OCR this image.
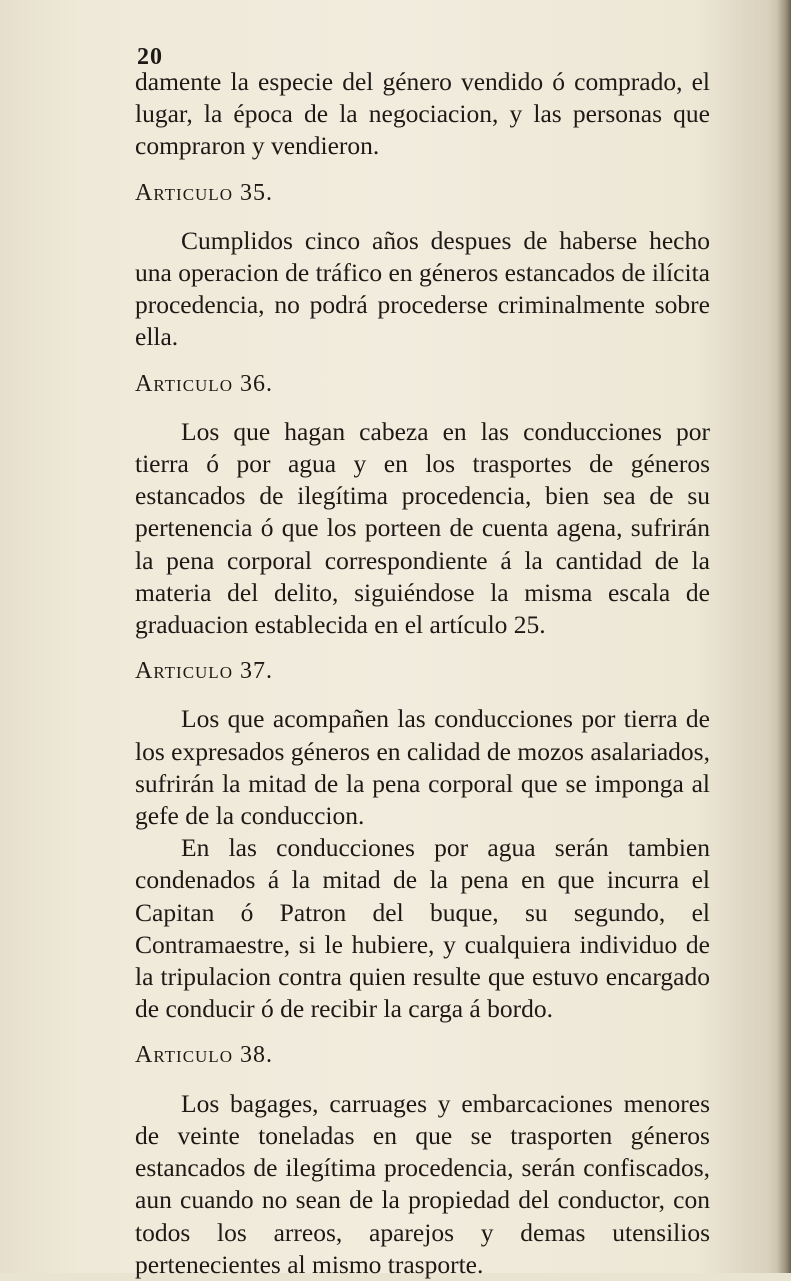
20

damente la especie del género vendido ó comprado, el lugar, la época de la negociacion, y las personas que compraron y vendieron.

Articulo 35.

Cumplidos cinco años despues de haberse hecho una operacion de tráfico en géneros estancados de ilícita procedencia, no podrá procederse criminalmente sobre ella.

Articulo 36.

Los que hagan cabeza en las conducciones por tierra ó por agua y en los trasportes de géneros estancados de ilegítima procedencia, bien sea de su pertenencia ó que los porteen de cuenta agena, sufrirán la pena corporal correspondiente á la cantidad de la materia del delito, siguiéndose la misma escala de graduacion establecida en el artículo 25.

Articulo 37.

Los que acompañen las conducciones por tierra de los expresados géneros en calidad de mozos asalariados, sufrirán la mitad de la pena corporal que se imponga al gefe de la conduccion.

En las conducciones por agua serán tambien condenados á la mitad de la pena en que incurra el Capitan ó Patron del buque, su segundo, el Contramaestre, si le hubiere, y cualquiera individuo de la tripulacion contra quien resulte que estuvo encargado de conducir ó de recibir la carga á bordo.

Articulo 38.

Los bagages, carruages y embarcaciones menores de veinte toneladas en que se trasporten géneros estancados de ilegítima procedencia, serán confiscados, aun cuando no sean de la propiedad del conductor, con todos los arreos, aparejos y demas utensilios pertenecientes al mismo trasporte.
